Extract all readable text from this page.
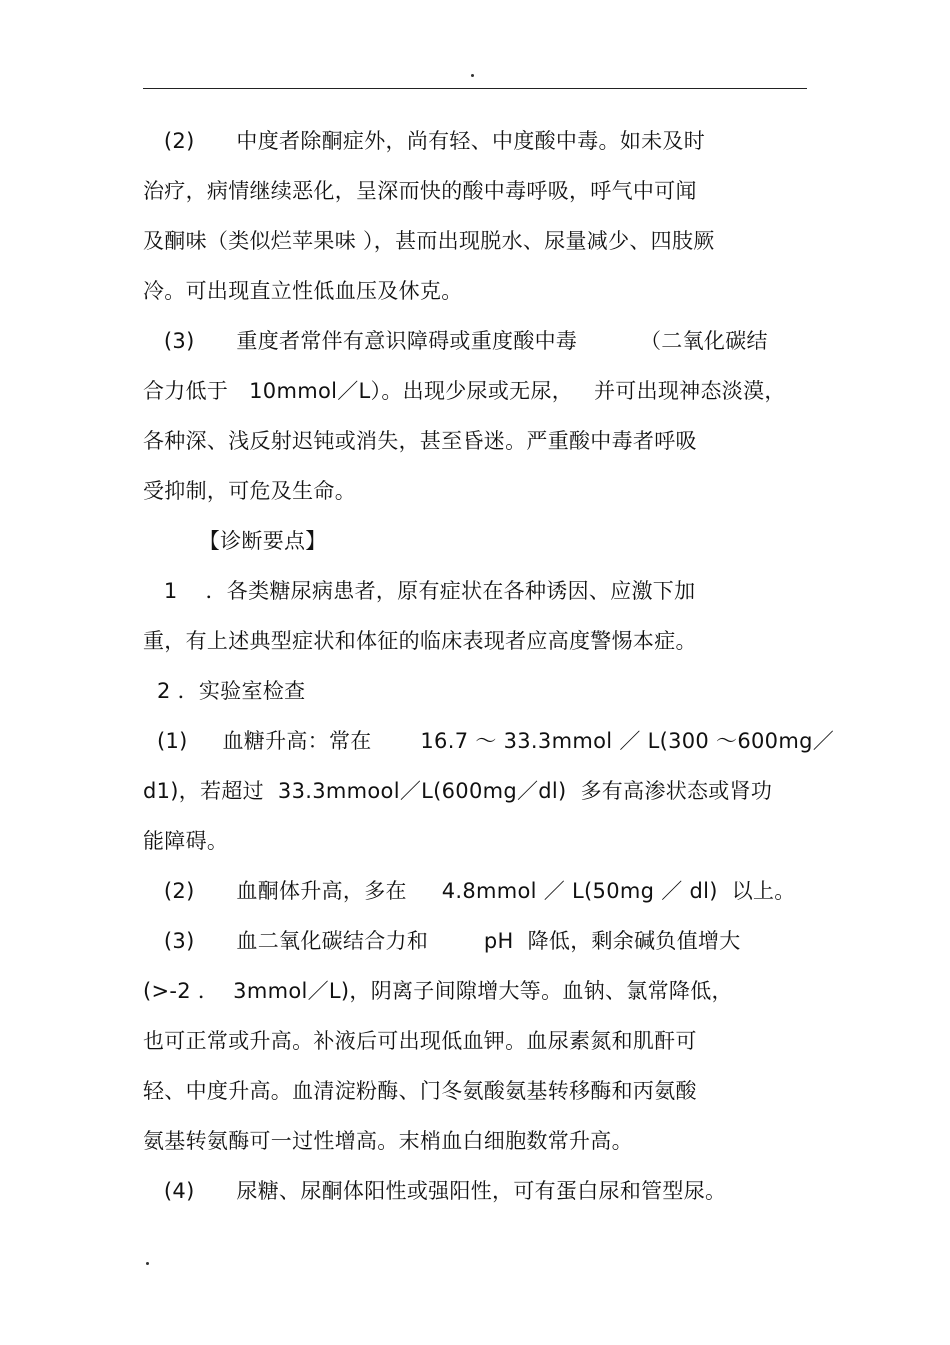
(2)      中度者除酮症外，尚有轻、中度酸中毒。如未及时
治疗，病情继续恶化，呈深而快的酸中毒呼吸，呼气中可闻
及酮味（类似烂苹果味 ），甚而出现脱水、尿量减少、四肢厥
冷。可出现直立性低血压及休克。
(3)      重度者常伴有意识障碍或重度酸中毒         （二氧化碳结
合力低于   10mmol／L）。出现少尿或无尿，   并可出现神态淡漠，
各种深、浅反射迟钝或消失，甚至昏迷。严重酸中毒者呼吸
受抑制，可危及生命。
【诊断要点】
1    ．各类糖尿病患者，原有症状在各种诱因、应激下加
重，有上述典型症状和体征的临床表现者应高度警惕本症。
2 ．实验室检查
(1)     血糖升高：常在       16.7 ～ 33.3mmol ／ L(300 ～600mg／
d1)，若超过  33.3mmool／L(600mg／dl)  多有高渗状态或肾功
能障碍。
(2)      血酮体升高，多在     4.8mmol ／ L(50mg ／ dl)  以上。
(3)      血二氧化碳结合力和        pH  降低，剩余碱负值增大
(>-2 ．  3mmol／L)，阴离子间隙增大等。血钠、氯常降低，
也可正常或升高。补液后可出现低血钾。血尿素氮和肌酐可
轻、中度升高。血清淀粉酶、门冬氨酸氨基转移酶和丙氨酸
氨基转氨酶可一过性增高。末梢血白细胞数常升高。
(4)      尿糖、尿酮体阳性或强阳性，可有蛋白尿和管型尿。
